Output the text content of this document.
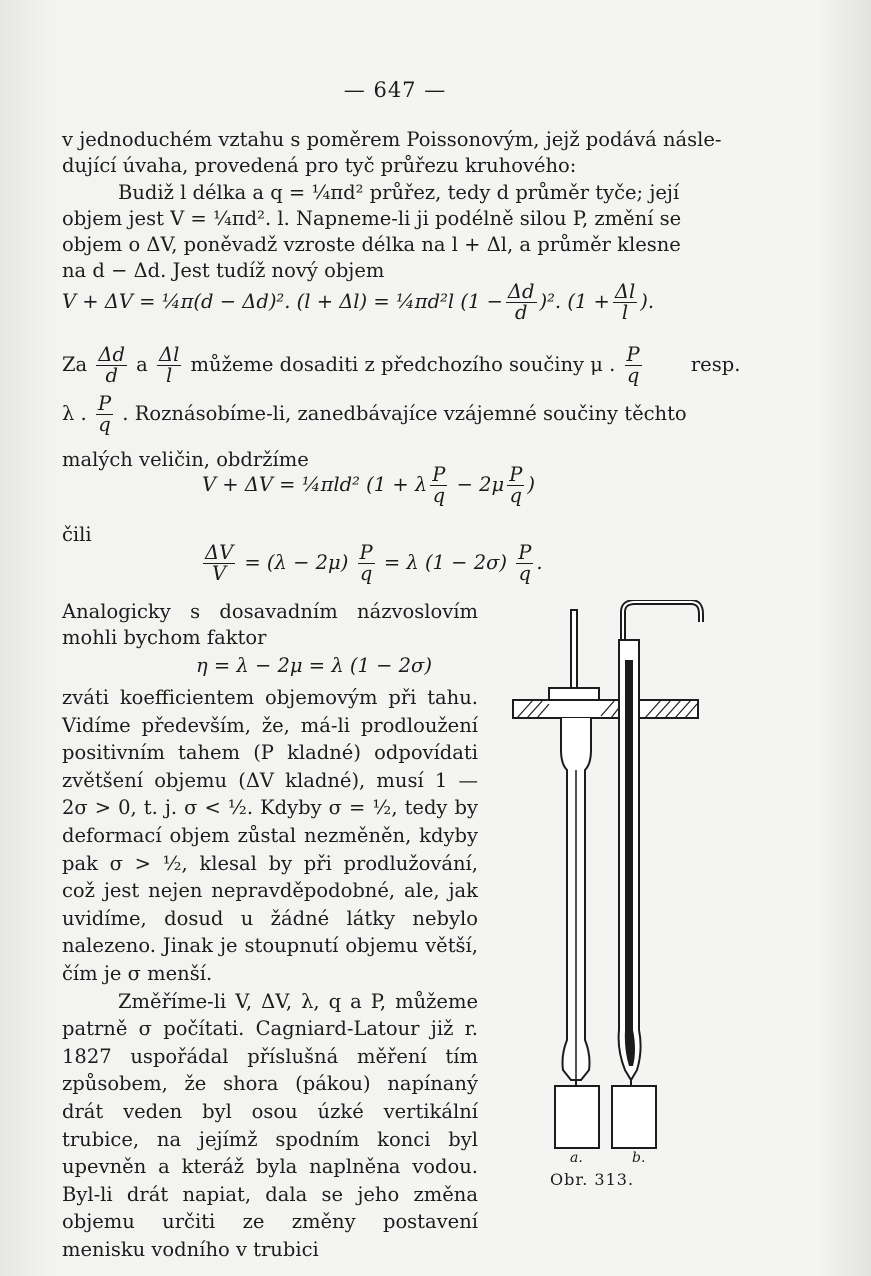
— 647 —
v jednoduchém vztahu s poměrem Poissonovým, jejž podává násle-
dující úvaha, provedená pro tyč průřezu kruhového:
Budiž l délka a q = ¼πd² průřez, tedy d průměr tyče; její
objem jest V = ¼πd². l. Napneme-li ji podélně silou P, změní se
objem o ΔV, poněvadž vzroste délka na l + Δl, a průměr klesne
na d − Δd. Jest tudíž nový objem
V + ΔV = ¼π(d − Δd)². (l + Δl) = ¼πd²l $(1 - \frac{\Delta d}{d} )^2$. ($1 + \frac{\Delta l}{l}$ ).
Za $\frac{\Delta d}{d}$ a $\frac{\Delta l}{l}$ můžeme dosaditi z předchozího součiny μ . $\frac{P}{q}$	resp.
λ . $\frac{P}{q}$ . Roznásobíme-li, zanedbávajíce vzájemné součiny těchto
malých veličin, obdržíme
V + ΔV = ¼πld² (1 + λ $\frac{P}{q} - 2\mu \frac{P}{q}$ )
čili
$\frac{\Delta V}{V} = (\lambda - 2\mu) \frac{P}{q} = \lambda$ $(1 - 2\sigma) \frac{P}{q}$ .
Analogicky s dosavadním názvoslovím
mohli bychom faktor
η = λ − 2μ = λ (1 − 2σ)

zváti koefficientem objemovým při tahu. Vidíme především, že, má-li prodloužení positivním tahem (P kladné) odpovídati zvětšení objemu (ΔV kladné), musí 1 — 2σ > 0, t. j. σ < ½. Kdyby σ = ½, tedy by deformací objem zůstal nezměněn, kdyby pak σ > ½, klesal by při prodlužování, což jest nejen nepravděpodobné, ale, jak uvidíme, dosud u žádné látky nebylo nalezeno. Jinak je stoupnutí objemu větší, čím je σ menší.

Změříme-li V, ΔV, λ, q a P, můžeme patrně σ počítati. Cagniard-Latour již r. 1827 uspořádal příslušná měření tím způsobem, že shora (pákou) napínaný drát veden byl osou úzké vertikální trubice, na jejímž spodním konci byl upevněn a kteráž byla naplněna vodou. Byl-li drát napiat, dala se jeho změna objemu určiti ze změny postavení menisku vodního v trubici

a.	b.
Obr. 313.
